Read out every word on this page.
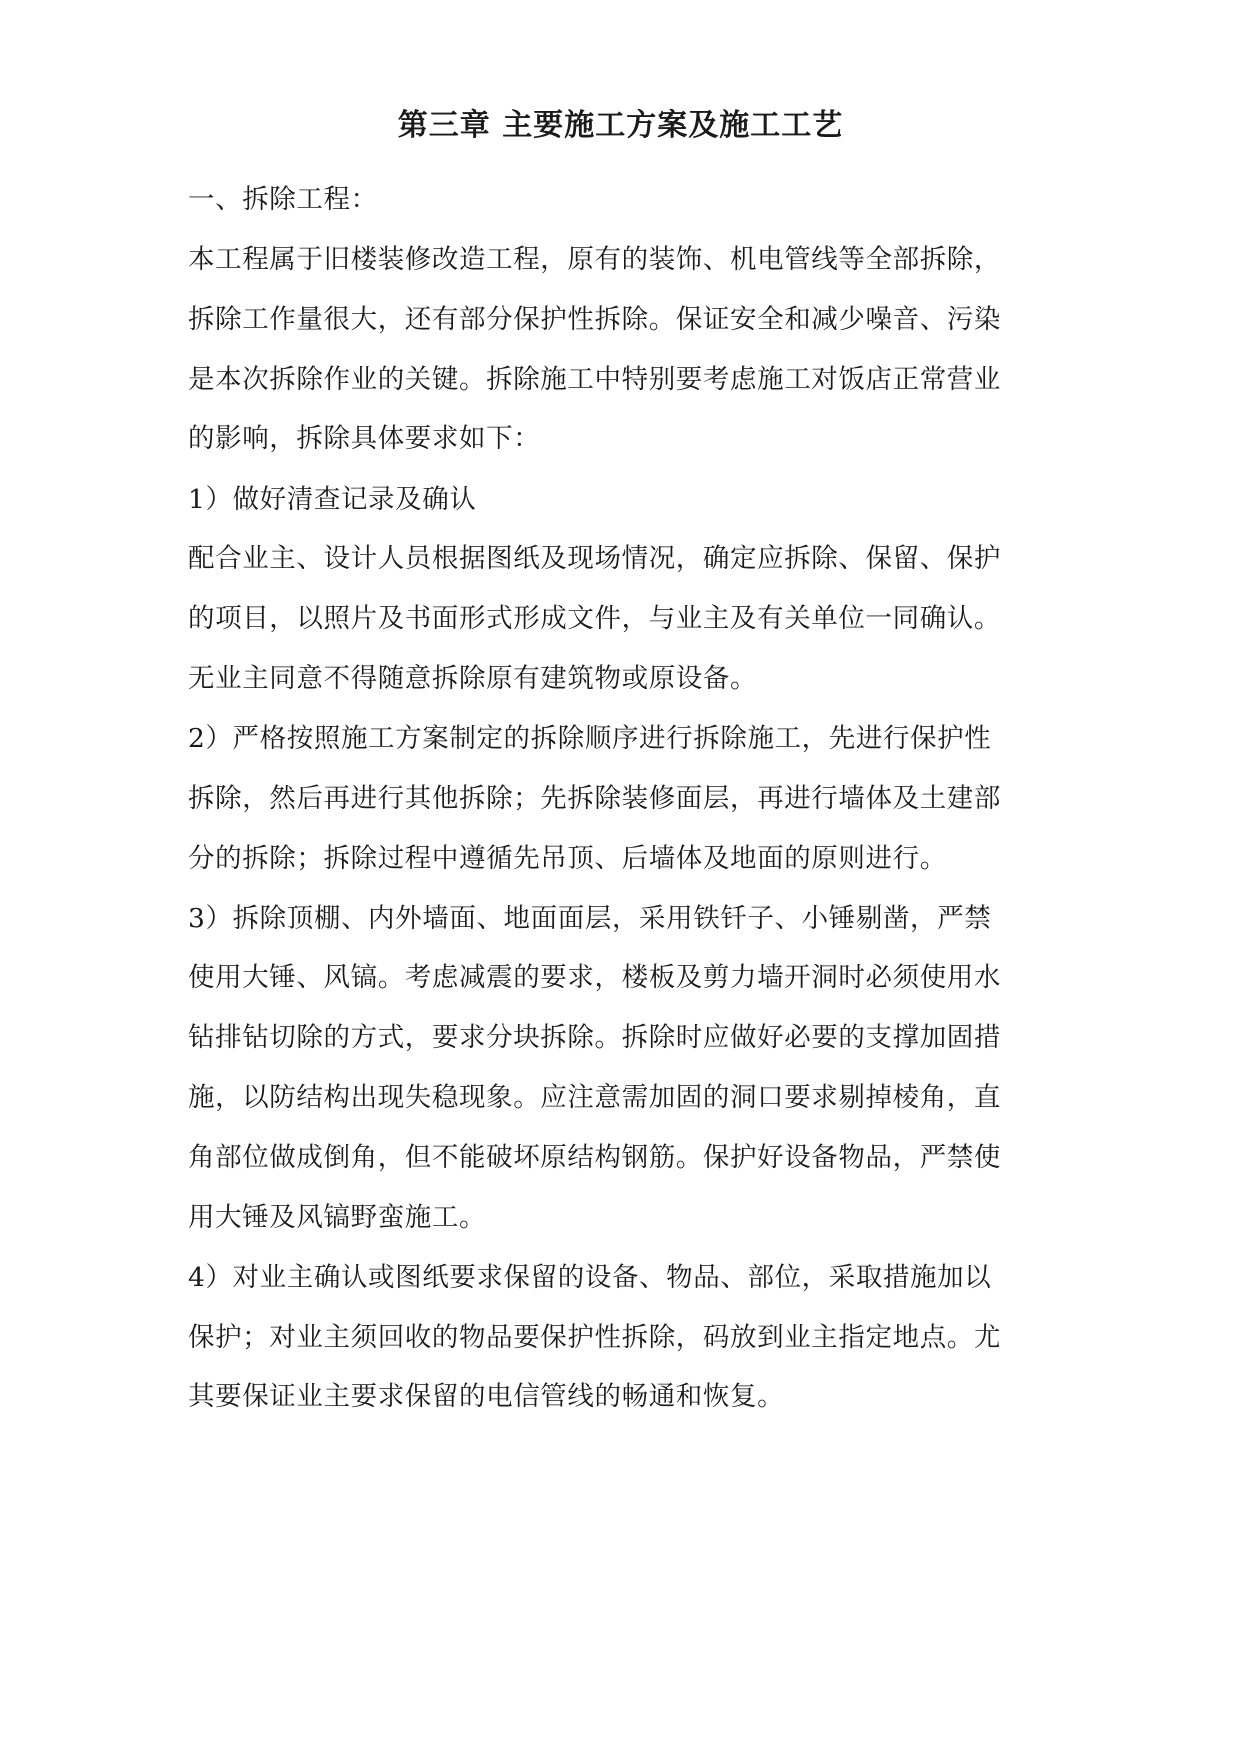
第三章 主要施工方案及施工工艺
一、拆除工程：
本工程属于旧楼装修改造工程，原有的装饰、机电管线等全部拆除，
拆除工作量很大，还有部分保护性拆除。保证安全和减少噪音、污染
是本次拆除作业的关键。拆除施工中特别要考虑施工对饭店正常营业
的影响，拆除具体要求如下：
1）做好清查记录及确认
配合业主、设计人员根据图纸及现场情况，确定应拆除、保留、保护
的项目，以照片及书面形式形成文件，与业主及有关单位一同确认。
无业主同意不得随意拆除原有建筑物或原设备。
2）严格按照施工方案制定的拆除顺序进行拆除施工，先进行保护性
拆除，然后再进行其他拆除；先拆除装修面层，再进行墙体及土建部
分的拆除；拆除过程中遵循先吊顶、后墙体及地面的原则进行。
3）拆除顶棚、内外墙面、地面面层，采用铁钎子、小锤剔凿，严禁
使用大锤、风镐。考虑减震的要求，楼板及剪力墙开洞时必须使用水
钻排钻切除的方式，要求分块拆除。拆除时应做好必要的支撑加固措
施，以防结构出现失稳现象。应注意需加固的洞口要求剔掉棱角，直
角部位做成倒角，但不能破坏原结构钢筋。保护好设备物品，严禁使
用大锤及风镐野蛮施工。
4）对业主确认或图纸要求保留的设备、物品、部位，采取措施加以
保护；对业主须回收的物品要保护性拆除，码放到业主指定地点。尤
其要保证业主要求保留的电信管线的畅通和恢复。
